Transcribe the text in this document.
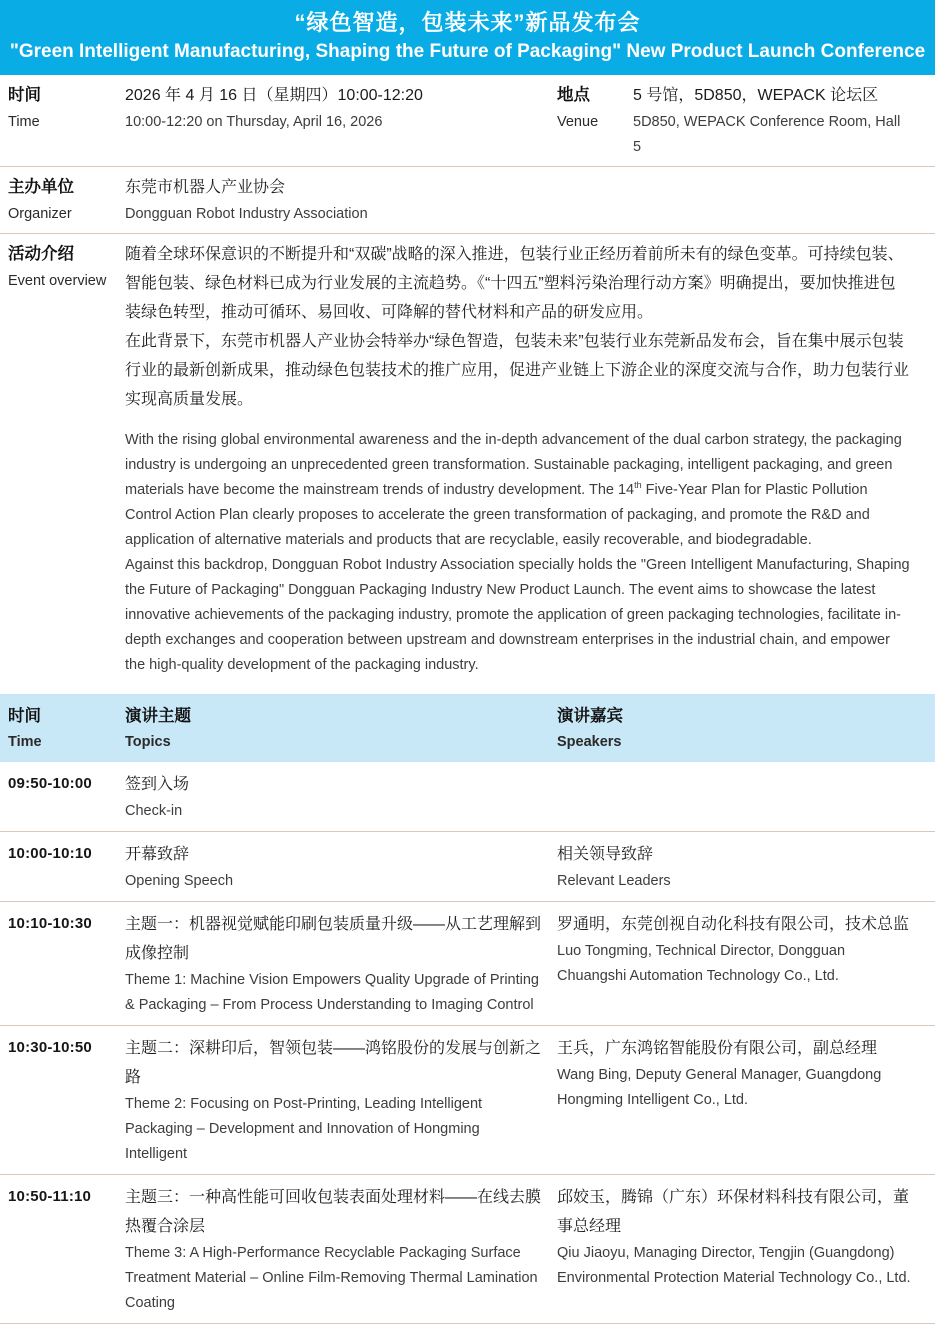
“绿色智造，包装未来”新品发布会
"Green Intelligent Manufacturing, Shaping the Future of Packaging" New Product Launch Conference
时间
Time
2026 年 4 月 16 日（星期四）10:00-12:20
10:00-12:20 on Thursday, April 16, 2026
地点
Venue
5 号馆，5D850，WEPACK 论坛区
5D850, WEPACK Conference Room, Hall 5
主办单位
Organizer
东莞市机器人产业协会
Dongguan Robot Industry Association
活动介绍
Event overview

随着全球环保意识的不断提升和“双碳”战略的深入推进，包装行业正经历着前所未有的绿色变革。可持续包装、智能包装、绿色材料已成为行业发展的主流趋势。《“十四五”塑料污染治理行动方案》明确提出，要加快推进包装绿色转型，推动可循环、易回收、可降解的替代材料和产品的研发应用。

在此背景下，东莞市机器人产业协会特举办“绿色智造，包装未来”包装行业东莞新品发布会，旨在集中展示包装行业的最新创新成果，推动绿色包装技术的推广应用，促进产业链上下游企业的深度交流与合作，助力包装行业实现高质量发展。

With the rising global environmental awareness and the in-depth advancement of the dual carbon strategy, the packaging industry is undergoing an unprecedented green transformation. Sustainable packaging, intelligent packaging, and green materials have become the mainstream trends of industry development. The 14th Five-Year Plan for Plastic Pollution Control Action Plan clearly proposes to accelerate the green transformation of packaging, and promote the R&D and application of alternative materials and products that are recyclable, easily recoverable, and biodegradable.

Against this backdrop, Dongguan Robot Industry Association specially holds the "Green Intelligent Manufacturing, Shaping the Future of Packaging" Dongguan Packaging Industry New Product Launch. The event aims to showcase the latest innovative achievements of the packaging industry, promote the application of green packaging technologies, facilitate in-depth exchanges and cooperation between upstream and downstream enterprises in the industrial chain, and empower the high-quality development of the packaging industry.

时间
Time
演讲主题
Topics
演讲嘉宾
Speakers
09:50-10:00	签到入场
Check-in
10:00-10:10	开幕致辞
Opening Speech
相关领导致辞
Relevant Leaders
10:10-10:30	主题一：机器视觉赋能印刷包装质量升级——从工艺理解到成像控制
Theme 1: Machine Vision Empowers Quality Upgrade of Printing & Packaging – From Process Understanding to Imaging Control
罗通明，东莞创视自动化科技有限公司，技术总监
Luo Tongming, Technical Director, Dongguan Chuangshi Automation Technology Co., Ltd.
10:30-10:50	主题二：深耕印后，智领包装——鸿铭股份的发展与创新之路
Theme 2: Focusing on Post-Printing, Leading Intelligent Packaging – Development and Innovation of Hongming Intelligent
王兵，广东鸿铭智能股份有限公司，副总经理
Wang Bing, Deputy General Manager, Guangdong Hongming Intelligent Co., Ltd.
10:50-11:10	主题三：一种高性能可回收包装表面处理材料——在线去膜热覆合涂层
Theme 3: A High-Performance Recyclable Packaging Surface Treatment Material – Online Film-Removing Thermal Lamination Coating
邱姣玉，腾锦（广东）环保材料科技有限公司，董事总经理
Qiu Jiaoyu, Managing Director, Tengjin (Guangdong) Environmental Protection Material Technology Co., Ltd.
